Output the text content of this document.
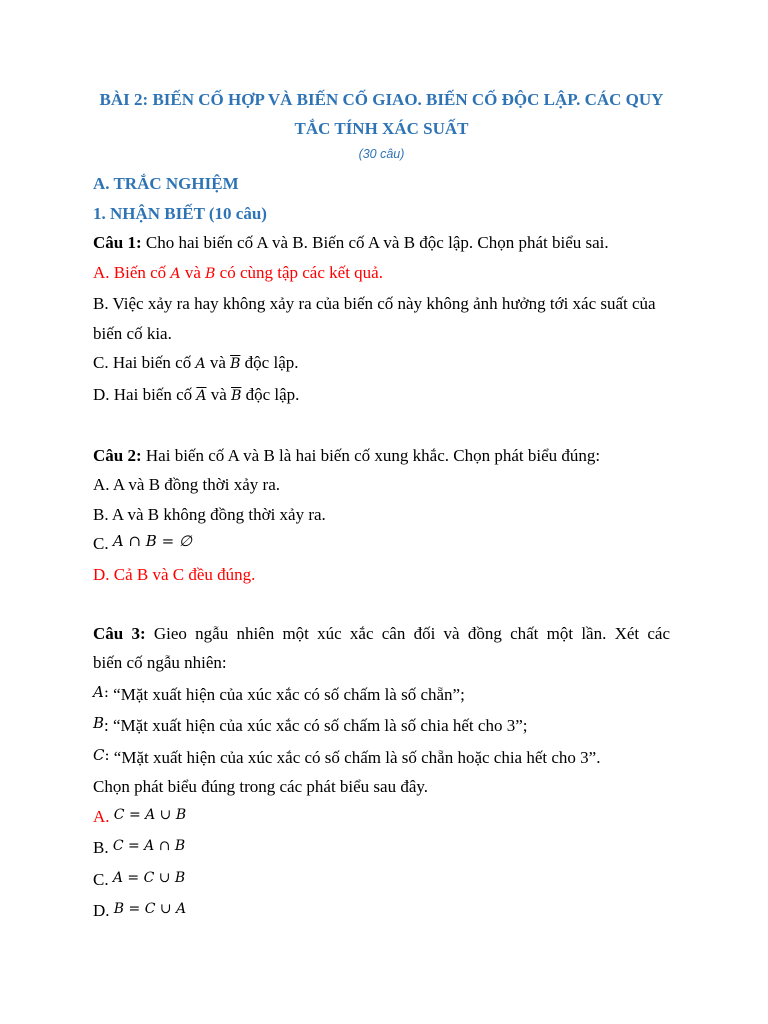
BÀI 2: BIẾN CỐ HỢP VÀ BIẾN CỐ GIAO. BIẾN CỐ ĐỘC LẬP. CÁC QUY TẮC TÍNH XÁC SUẤT

(30 câu)
A. TRẮC NGHIỆM
1. NHẬN BIẾT (10 câu)
Câu 1: Cho hai biến cố A và B. Biến cố A và B độc lập. Chọn phát biểu sai.
A. Biến cố A và B có cùng tập các kết quả.
B. Việc xảy ra hay không xảy ra của biến cố này không ảnh hưởng tới xác suất của biến cố kia.
C. Hai biến cố A và $\overline{B}$ độc lập.
D. Hai biến cố $\overline{A}$ và $\overline{B}$ độc lập.
Câu 2: Hai biến cố A và B là hai biến cố xung khắc. Chọn phát biểu đúng:
A. A và B đồng thời xảy ra.
B. A và B không đồng thời xảy ra.
C. A ∩ B = ∅
D. Cả B và C đều đúng.
Câu 3: Gieo ngẫu nhiên một xúc xắc cân đối và đồng chất một lần. Xét các
biến cố ngẫu nhiên:
A: “Mặt xuất hiện của xúc xắc có số chấm là số chẵn”;
B: “Mặt xuất hiện của xúc xắc có số chấm là số chia hết cho 3”;
C: “Mặt xuất hiện của xúc xắc có số chấm là số chẵn hoặc chia hết cho 3”.
Chọn phát biểu đúng trong các phát biểu sau đây.
A. C = A ∪ B
B. C = A ∩ B
C. A = C ∪ B
D. B = C ∪ A
